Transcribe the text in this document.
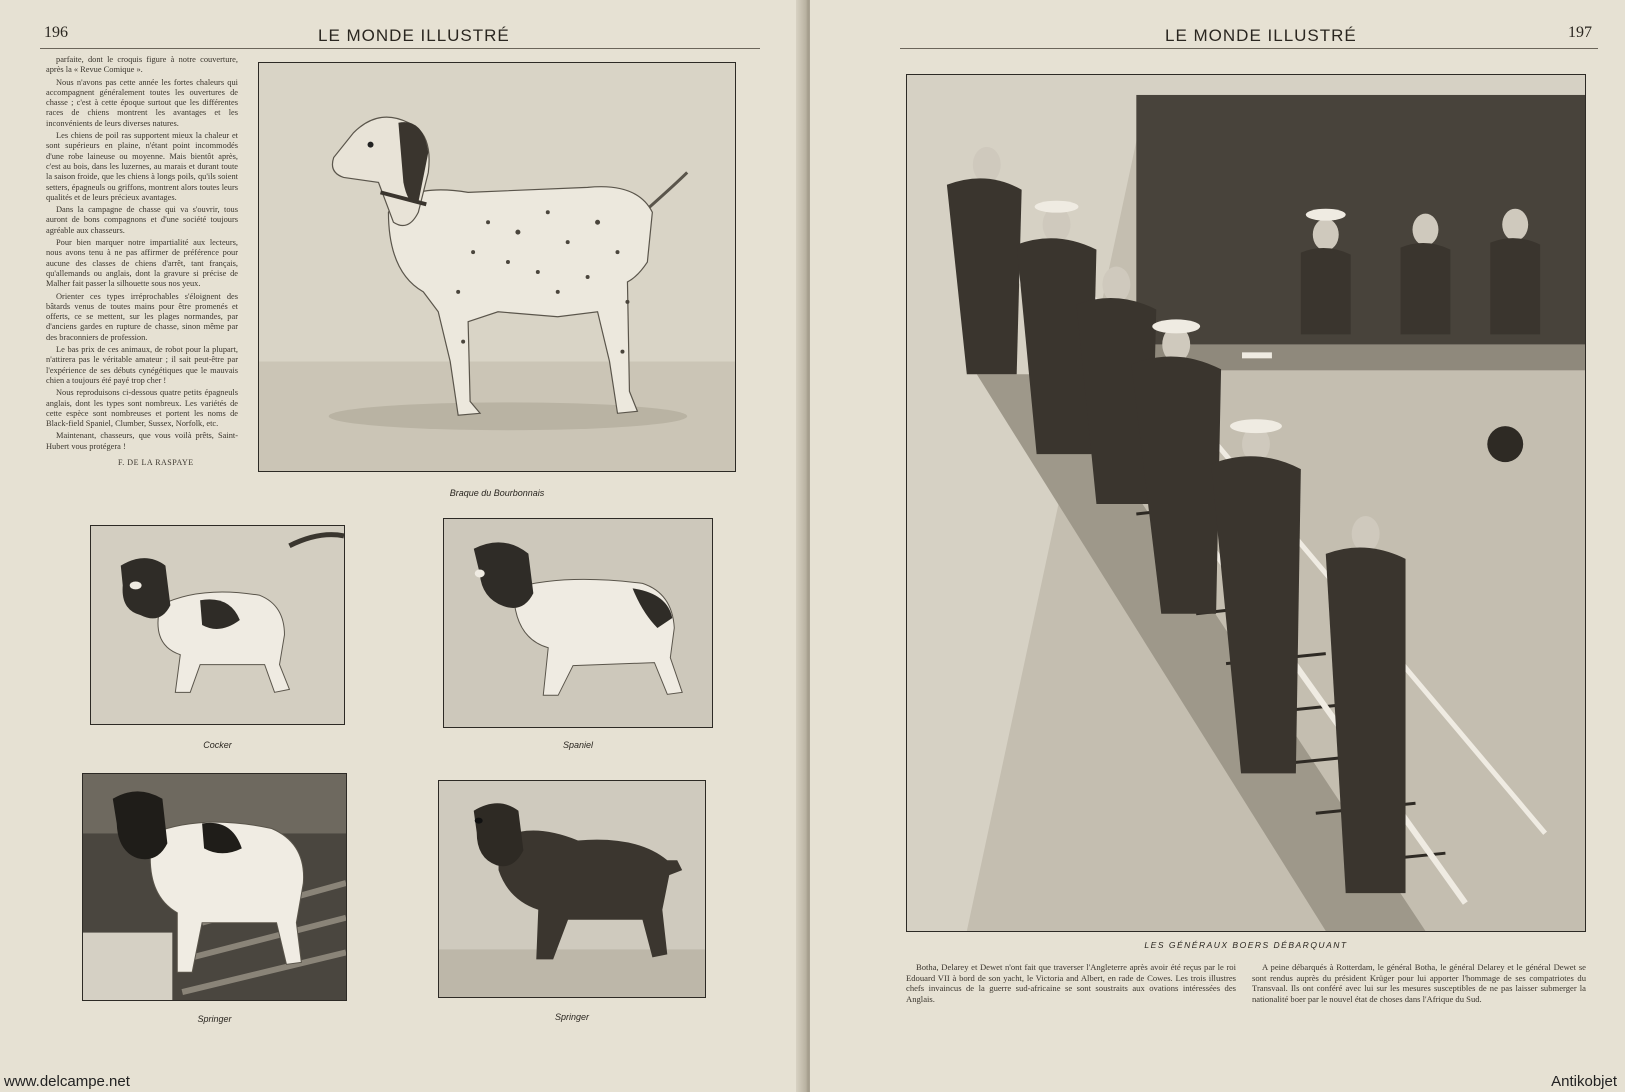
196	LE MONDE ILLUSTRÉ

parfaite, dont le croquis figure à notre couverture, après la « Revue Comique ».

Nous n'avons pas cette année les fortes chaleurs qui accompagnent généralement toutes les ouvertures de chasse ; c'est à cette époque surtout que les différentes races de chiens montrent les avantages et les inconvénients de leurs diverses natures.

Les chiens de poil ras supportent mieux la chaleur et sont supérieurs en plaine, n'étant point incommodés d'une robe laineuse ou moyenne. Mais bientôt après, c'est au bois, dans les luzernes, au marais et durant toute la saison froide, que les chiens à longs poils, qu'ils soient setters, épagneuls ou griffons, montrent alors toutes leurs qualités et de leurs précieux avantages.

Dans la campagne de chasse qui va s'ouvrir, tous auront de bons compagnons et d'une société toujours agréable aux chasseurs.

Pour bien marquer notre impartialité aux lecteurs, nous avons tenu à ne pas affirmer de préférence pour aucune des classes de chiens d'arrêt, tant français, qu'allemands ou anglais, dont la gravure si précise de Malher fait passer la silhouette sous nos yeux.

Orienter ces types irréprochables s'éloignent des bâtards venus de toutes mains pour être promenés et offerts, ce se mettent, sur les plages normandes, par d'anciens gardes en rupture de chasse, sinon même par des braconniers de profession.

Le bas prix de ces animaux, de robot pour la plupart, n'attirera pas le véritable amateur ; il sait peut-être par l'expérience de ses débuts cynégétiques que le mauvais chien a toujours été payé trop cher !

Nous reproduisons ci-dessous quatre petits épagneuls anglais, dont les types sont nombreux. Les variétés de cette espèce sont nombreuses et portent les noms de Black-field Spaniel, Clumber, Sussex, Norfolk, etc.

Maintenant, chasseurs, que vous voilà prêts, Saint-Hubert vous protégera !

F. DE LA RASPAYE
Braque du Bourbonnais
Cocker	Spaniel
Springer	Springer
www.delcampe.net
LE MONDE ILLUSTRÉ	197
LES GÉNÉRAUX BOERS DÉBARQUANT
Botha, Delarey et Dewet n'ont fait que traverser l'Angleterre après avoir été reçus par le roi Edouard VII à bord de son yacht, le Victoria and Albert, en rade de Cowes. Les trois illustres chefs invaincus de la guerre sud-africaine se sont soustraits aux ovations intéressées des Anglais.
A peine débarqués à Rotterdam, le général Botha, le général Delarey et le général Dewet se sont rendus auprès du président Krüger pour lui apporter l'hommage de ses compatriotes du Transvaal. Ils ont conféré avec lui sur les mesures susceptibles de ne pas laisser submerger la nationalité boer par le nouvel état de choses dans l'Afrique du Sud.
Antikobjet
